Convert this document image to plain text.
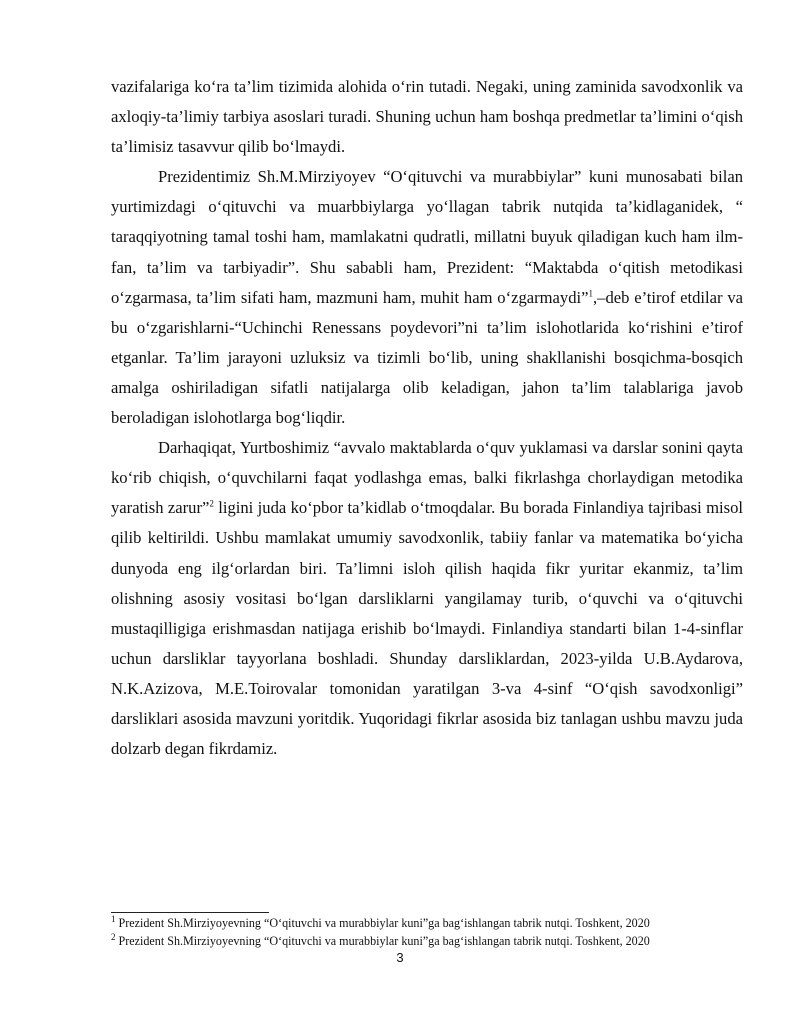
vazifalariga ko‘ra ta’lim tizimida alohida o‘rin tutadi. Negaki, uning zaminida savodxonlik va axloqiy-ta’limiy tarbiya asoslari turadi. Shuning uchun ham boshqa predmetlar ta’limini o‘qish ta’limisiz tasavvur qilib bo‘lmaydi.

Prezidentimiz Sh.M.Mirziyoyev “O‘qituvchi va murabbiylar” kuni munosabati bilan yurtimizdagi o‘qituvchi va muarbbiylarga yo‘llagan tabrik nutqida ta’kidlaganidek, “ taraqqiyotning tamal toshi ham, mamlakatni qudratli, millatni buyuk qiladigan kuch ham ilm-fan, ta’lim va tarbiyadir”. Shu sababli ham, Prezident: “Maktabda o‘qitish metodikasi o‘zgarmasa, ta’lim sifati ham, mazmuni ham, muhit ham o‘zgarmaydi”$^1$,–deb e’tirof etdilar va bu o‘zgarishlarni-“Uchinchi Renessans poydevori”ni ta’lim islohotlarida ko‘rishini e’tirof etganlar. Ta’lim jarayoni uzluksiz va tizimli bo‘lib, uning shakllanishi bosqichma-bosqich amalga oshiriladigan sifatli natijalarga olib keladigan, jahon ta’lim talablariga javob beroladigan islohotlarga bog‘liqdir.

Darhaqiqat, Yurtboshimiz “avvalo maktablarda o‘quv yuklamasi va darslar sonini qayta ko‘rib chiqish, o‘quvchilarni faqat yodlashga emas, balki fikrlashga chorlaydigan metodika yaratish zarur”$^2$ ligini juda ko‘pbor ta’kidlab o‘tmoqdalar. Bu borada Finlandiya tajribasi misol qilib keltirildi. Ushbu mamlakat umumiy savodxonlik, tabiiy fanlar va matematika bo‘yicha dunyoda eng ilg‘orlardan biri. Ta’limni isloh qilish haqida fikr yuritar ekanmiz, ta’lim olishning asosiy vositasi bo‘lgan darsliklarni yangilamay turib, o‘quvchi va o‘qituvchi mustaqilligiga erishmasdan natijaga erishib bo‘lmaydi. Finlandiya standarti bilan 1-4-sinflar uchun darsliklar tayyorlana boshladi. Shunday darsliklardan, 2023-yilda U.B.Aydarova, N.K.Azizova, M.E.Toirovalar tomonidan yaratilgan 3-va 4-sinf “O‘qish savodxonligi” darsliklari asosida mavzuni yoritdik. Yuqoridagi fikrlar asosida biz tanlagan ushbu mavzu juda dolzarb degan fikrdamiz.

$^1$ Prezident Sh.Mirziyoyevning “O‘qituvchi va murabbiylar kuni”ga bag‘ishlangan tabrik nutqi. Toshkent, 2020
$^2$ Prezident Sh.Mirziyoyevning “O‘qituvchi va murabbiylar kuni”ga bag‘ishlangan tabrik nutqi. Toshkent, 2020
3
